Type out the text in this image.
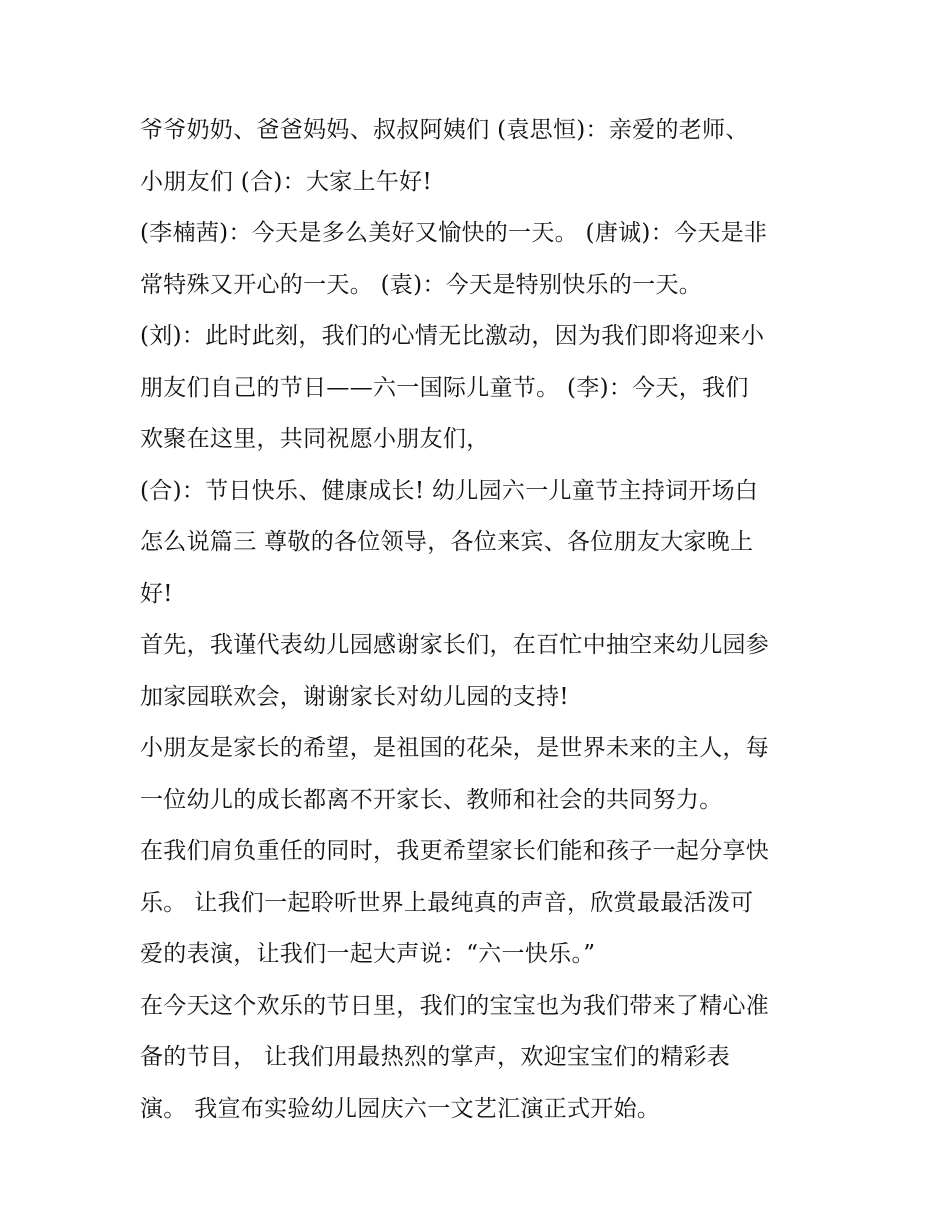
爷爷奶奶、爸爸妈妈、叔叔阿姨们 (袁思恒)：亲爱的老师、
小朋友们 (合)：大家上午好!
(李楠茜)：今天是多么美好又愉快的一天。 (唐诚)：今天是非
常特殊又开心的一天。 (袁)：今天是特别快乐的一天。
(刘)：此时此刻，我们的心情无比激动，因为我们即将迎来小
朋友们自己的节日——六一国际儿童节。 (李)：今天，我们
欢聚在这里，共同祝愿小朋友们，
(合)：节日快乐、健康成长! 幼儿园六一儿童节主持词开场白
怎么说篇三 尊敬的各位领导，各位来宾、各位朋友大家晚上
好!
首先，我谨代表幼儿园感谢家长们，在百忙中抽空来幼儿园参
加家园联欢会，谢谢家长对幼儿园的支持!
小朋友是家长的希望，是祖国的花朵，是世界未来的主人，每
一位幼儿的成长都离不开家长、教师和社会的共同努力。
在我们肩负重任的同时，我更希望家长们能和孩子一起分享快
乐。 让我们一起聆听世界上最纯真的声音，欣赏最最活泼可
爱的表演，让我们一起大声说：“六一快乐。”
在今天这个欢乐的节日里，我们的宝宝也为我们带来了精心准
备的节目， 让我们用最热烈的掌声，欢迎宝宝们的精彩表
演。 我宣布实验幼儿园庆六一文艺汇演正式开始。
